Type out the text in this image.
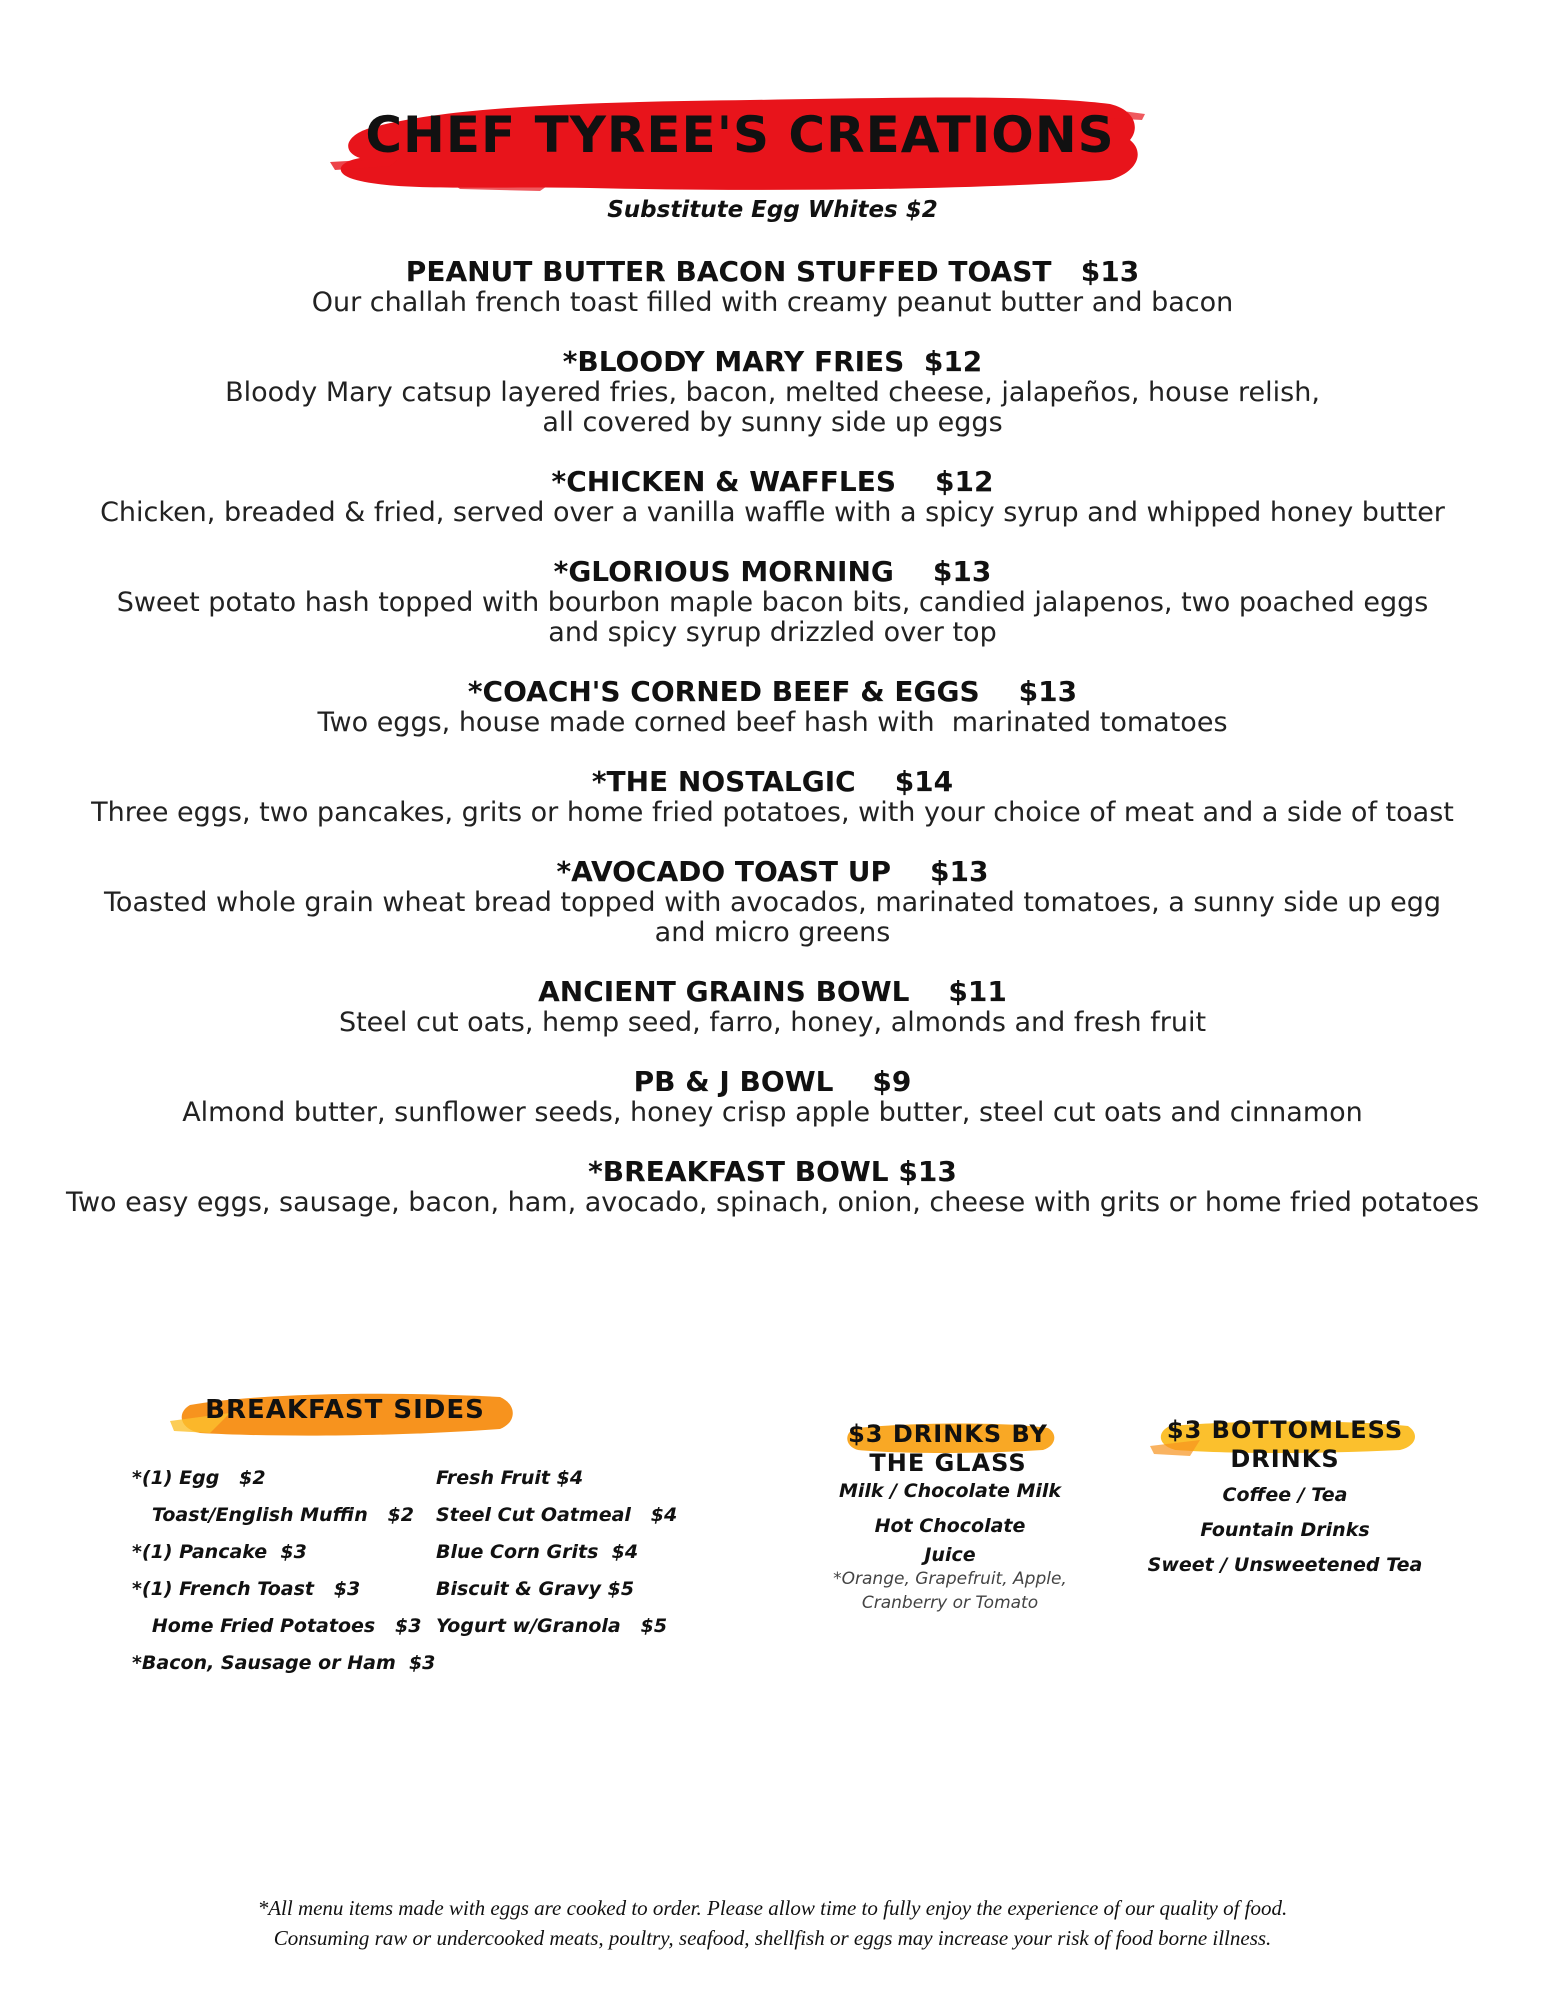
CHEF TYREE'S CREATIONS
Substitute Egg Whites $2
PEANUT BUTTER BACON STUFFED TOAST   $13
Our challah french toast filled with creamy peanut butter and bacon
*BLOODY MARY FRIES  $12
Bloody Mary catsup layered fries, bacon, melted cheese, jalapeños, house relish,
all covered by sunny side up eggs
*CHICKEN & WAFFLES    $12
Chicken, breaded & fried, served over a vanilla waffle with a spicy syrup and whipped honey butter
*GLORIOUS MORNING    $13
Sweet potato hash topped with bourbon maple bacon bits, candied jalapenos, two poached eggs
and spicy syrup drizzled over top
*COACH'S CORNED BEEF & EGGS    $13
Two eggs, house made corned beef hash with  marinated tomatoes
*THE NOSTALGIC    $14
Three eggs, two pancakes, grits or home fried potatoes, with your choice of meat and a side of toast
*AVOCADO TOAST UP    $13
Toasted whole grain wheat bread topped with avocados, marinated tomatoes, a sunny side up egg
and micro greens
ANCIENT GRAINS BOWL    $11
Steel cut oats, hemp seed, farro, honey, almonds and fresh fruit
PB & J BOWL    $9
Almond butter, sunflower seeds, honey crisp apple butter, steel cut oats and cinnamon
*BREAKFAST BOWL $13
Two easy eggs, sausage, bacon, ham, avocado, spinach, onion, cheese with grits or home fried potatoes
BREAKFAST SIDES
*(1) Egg   $2
Toast/English Muffin   $2
*(1) Pancake  $3
*(1) French Toast   $3
Home Fried Potatoes   $3
*Bacon, Sausage or Ham  $3
Fresh Fruit $4
Steel Cut Oatmeal   $4
Blue Corn Grits  $4
Biscuit & Gravy $5
Yogurt w/Granola   $5
$3 DRINKS BY
THE GLASS
Milk / Chocolate Milk
Hot Chocolate
Juice
*Orange, Grapefruit, Apple,
Cranberry or Tomato
$3 BOTTOMLESS
DRINKS
Coffee / Tea
Fountain Drinks
Sweet / Unsweetened Tea
*All menu items made with eggs are cooked to order. Please allow time to fully enjoy the experience of our quality of food.
Consuming raw or undercooked meats, poultry, seafood, shellfish or eggs may increase your risk of food borne illness.
